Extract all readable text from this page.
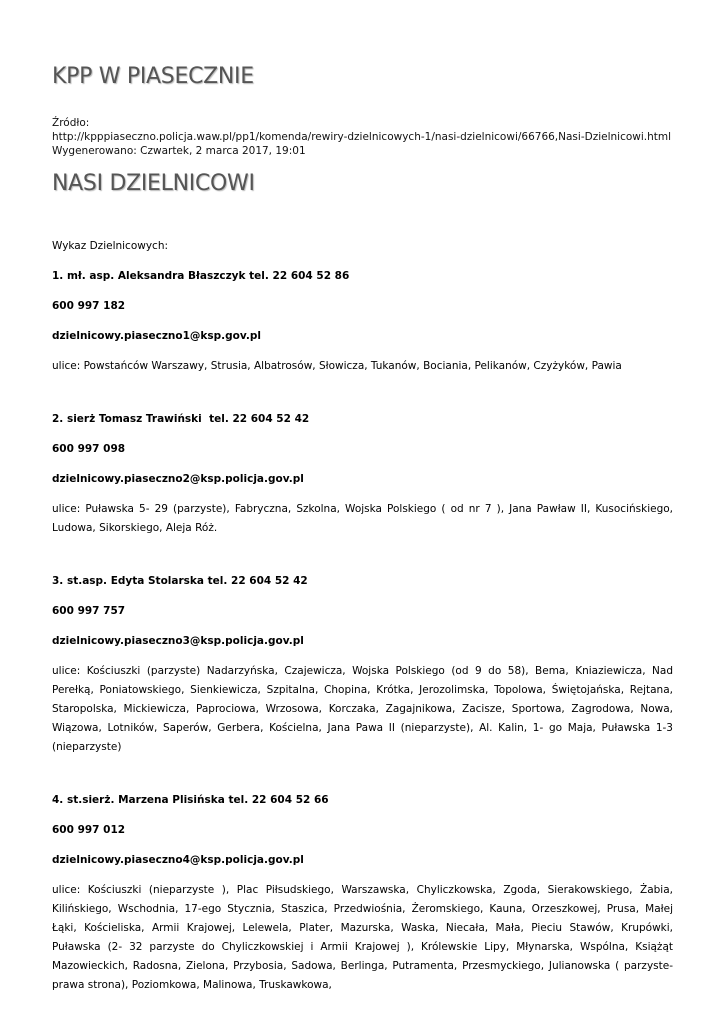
KPP W PIASECZNIE
Źródło:
http://kpppiaseczno.policja.waw.pl/pp1/komenda/rewiry-dzielnicowych-1/nasi-dzielnicowi/66766,Nasi-Dzielnicowi.html
Wygenerowano: Czwartek, 2 marca 2017, 19:01
NASI DZIELNICOWI

Wykaz Dzielnicowych:

1. mł. asp. Aleksandra Błaszczyk tel. 22 604 52 86

600 997 182

dzielnicowy.piaseczno1@ksp.gov.pl

ulice: Powstańców Warszawy, Strusia, Albatrosów, Słowicza, Tukanów, Bociania, Pelikanów, Czyżyków, Pawia

2. sierż Tomasz Trawiński  tel. 22 604 52 42

600 997 098

dzielnicowy.piaseczno2@ksp.policja.gov.pl

ulice: Puławska 5- 29 (parzyste), Fabryczna, Szkolna, Wojska Polskiego ( od nr 7 ), Jana Pawław II, Kusocińskiego, Ludowa, Sikorskiego, Aleja Róż.

3. st.asp. Edyta Stolarska tel. 22 604 52 42

600 997 757

dzielnicowy.piaseczno3@ksp.policja.gov.pl

ulice: Kościuszki (parzyste) Nadarzyńska, Czajewicza, Wojska Polskiego (od 9 do 58), Bema, Kniaziewicza, Nad Perełką, Poniatowskiego, Sienkiewicza, Szpitalna, Chopina, Krótka, Jerozolimska, Topolowa, Świętojańska, Rejtana, Staropolska, Mickiewicza, Paprociowa, Wrzosowa, Korczaka, Zagajnikowa, Zacisze, Sportowa, Zagrodowa, Nowa, Wiązowa, Lotników, Saperów, Gerbera, Kościelna, Jana Pawa II (nieparzyste), Al. Kalin, 1- go Maja, Puławska 1-3 (nieparzyste)

4. st.sierż. Marzena Plisińska tel. 22 604 52 66

600 997 012

dzielnicowy.piaseczno4@ksp.policja.gov.pl

ulice: Kościuszki (nieparzyste ), Plac Piłsudskiego, Warszawska, Chyliczkowska, Zgoda, Sierakowskiego, Żabia, Kilińskiego, Wschodnia, 17-ego Stycznia, Staszica, Przedwiośnia, Żeromskiego, Kauna, Orzeszkowej, Prusa, Małej Łąki, Kościeliska, Armii Krajowej, Lelewela, Plater, Mazurska, Waska, Niecała, Mała, Pieciu Stawów, Krupówki, Puławska (2- 32 parzyste do Chyliczkowskiej i Armii Krajowej ), Królewskie Lipy, Młynarska, Wspólna, Książąt Mazowieckich, Radosna, Zielona, Przybosia, Sadowa, Berlinga, Putramenta, Przesmyckiego, Julianowska ( parzyste- prawa strona), Poziomkowa, Malinowa, Truskawkowa,
